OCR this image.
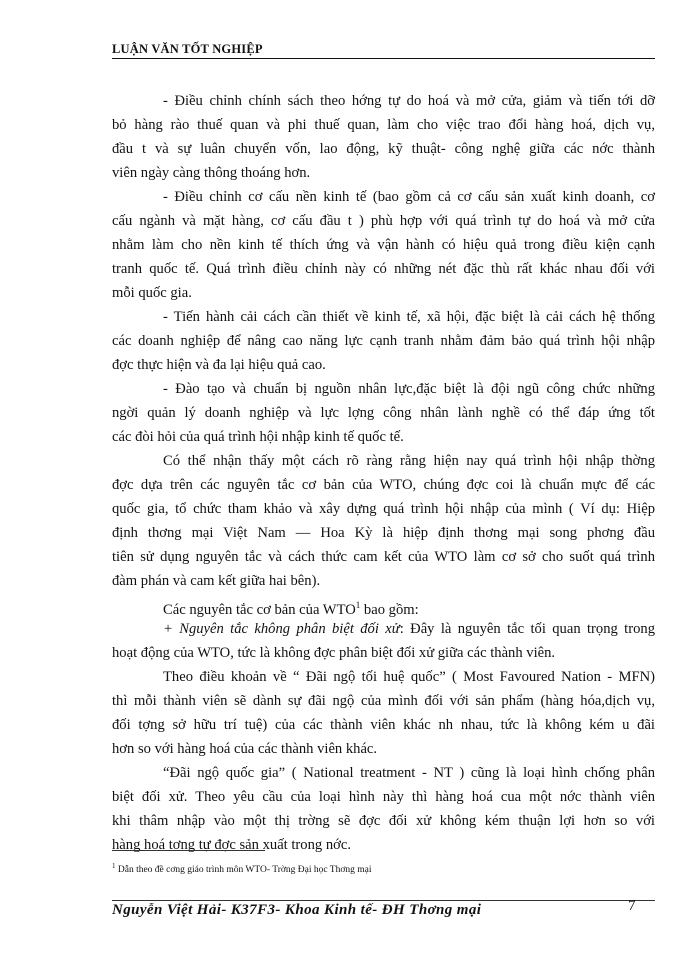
LUẬN VĂN TỐT NGHIỆP
- Điều chỉnh chính sách theo hớng tự do hoá và mở cửa, giảm và tiến tới dỡ
bỏ hàng rào thuế quan và phi thuế quan, làm cho việc trao đổi hàng hoá, dịch vụ,
đầu t và sự luân chuyển vốn, lao động, kỹ thuật- công nghệ giữa các nớc thành
viên ngày càng thông thoáng hơn.
- Điều chỉnh cơ cấu nền kinh tế (bao gồm cả cơ cấu sản xuất kinh doanh, cơ
cấu ngành và mặt hàng, cơ cấu đầu t ) phù hợp với quá trình tự do hoá và mở cửa
nhằm làm cho nền kinh tế thích ứng và vận hành có hiệu quả trong điều kiện cạnh
tranh quốc tế. Quá trình điều chỉnh này có những nét đặc thù rất khác nhau đối với
mỗi quốc gia.
- Tiến hành cải cách cần thiết về kinh tế, xã hội, đặc biệt là cải cách hệ thống
các doanh nghiệp để nâng cao năng lực cạnh tranh nhằm đảm bảo quá trình hội nhập
đợc thực hiện và đa lại hiệu quả cao.
- Đào tạo và chuẩn bị nguồn nhân lực,đặc biệt là đội ngũ công chức những
ngời quản lý doanh nghiệp và lực lợng công nhân lành nghề có thể đáp ứng tốt
các đòi hỏi của quá trình hội nhập kinh tế quốc tế.
Có thể nhận thấy một cách rõ ràng rằng hiện nay quá trình hội nhập thờng
đợc dựa trên các nguyên tắc cơ bản của WTO, chúng đợc coi là chuẩn mực để các
quốc gia, tổ chức tham khảo và xây dựng quá trình hội nhập của mình ( Ví dụ: Hiệp
định thơng mại Việt Nam — Hoa Kỳ là hiệp định thơng mại song phơng đầu
tiên sử dụng nguyên tắc và cách thức cam kết của WTO làm cơ sở cho suốt quá trình
đàm phán và cam kết giữa hai bên).
Các nguyên tắc cơ bản của WTO$^1$ bao gồm:
+ Nguyên tắc không phân biệt đối xử: Đây là nguyên tắc tối quan trọng trong
hoạt động của WTO, tức là không đợc phân biệt đối xử giữa các thành viên.
Theo điều khoản về “ Đãi ngộ tối huệ quốc” ( Most Favoured Nation - MFN)
thì mỗi thành viên sẽ dành sự đãi ngộ của mình đối với sản phẩm (hàng hóa,dịch vụ,
đối tợng sở hữu trí tuệ) của các thành viên khác nh nhau, tức là không kém u đãi
hơn so với hàng hoá của các thành viên khác.
“Đãi ngộ quốc gia” ( National treatment - NT ) cũng là loại hình chống phân
biệt đối xử. Theo yêu cầu của loại hình này thì hàng hoá cua một nớc thành viên
khi thâm nhập vào một thị trờng sẽ đợc đối xử không kém thuận lợi hơn so với
hàng hoá tơng tự đợc sản xuất trong nớc.
$^1$ Dẫn theo đề cơng giáo trình môn WTO- Trờng Đại học Thơng mại
Nguyễn Việt Hải- K37F3- Khoa Kinh tế- ĐH Thơng mại	7
